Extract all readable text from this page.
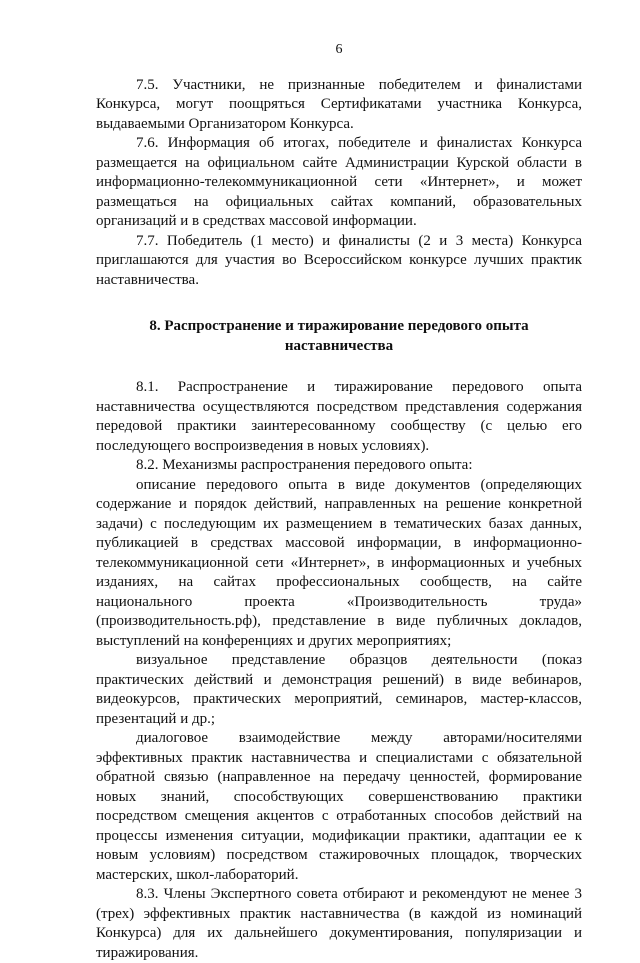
6

7.5. Участники, не признанные победителем и финалистами Конкурса, могут поощряться Сертификатами участника Конкурса, выдаваемыми Организатором Конкурса.

7.6. Информация об итогах, победителе и финалистах Конкурса размещается на официальном сайте Администрации Курской области в информационно-телекоммуникационной сети «Интернет», и может размещаться на официальных сайтах компаний, образовательных организаций и в средствах массовой информации.

7.7. Победитель (1 место) и финалисты (2 и 3 места) Конкурса приглашаются для участия во Всероссийском конкурсе лучших практик наставничества.

8. Распространение и тиражирование передового опыта
наставничества

8.1. Распространение и тиражирование передового опыта наставничества осуществляются посредством представления содержания передовой практики заинтересованному сообществу (с целью его последующего воспроизведения в новых условиях).

8.2. Механизмы распространения передового опыта:

описание передового опыта в виде документов (определяющих содержание и порядок действий, направленных на решение конкретной задачи) с последующим их размещением в тематических базах данных, публикацией в средствах массовой информации, в информационно-телекоммуникационной сети «Интернет», в информационных и учебных изданиях, на сайтах профессиональных сообществ, на сайте национального проекта «Производительность труда» (производительность.рф), представление в виде публичных докладов, выступлений на конференциях и других мероприятиях;

визуальное представление образцов деятельности (показ практических действий и демонстрация решений) в виде вебинаров, видеокурсов, практических мероприятий, семинаров, мастер-классов, презентаций и др.;

диалоговое взаимодействие между авторами/носителями эффективных практик наставничества и специалистами с обязательной обратной связью (направленное на передачу ценностей, формирование новых знаний, способствующих совершенствованию практики посредством смещения акцентов с отработанных способов действий на процессы изменения ситуации, модификации практики, адаптации ее к новым условиям) посредством стажировочных площадок, творческих мастерских, школ-лабораторий.

8.3. Члены Экспертного совета отбирают и рекомендуют не менее 3 (трех) эффективных практик наставничества (в каждой из номинаций Конкурса) для их дальнейшего документирования, популяризации и тиражирования.
